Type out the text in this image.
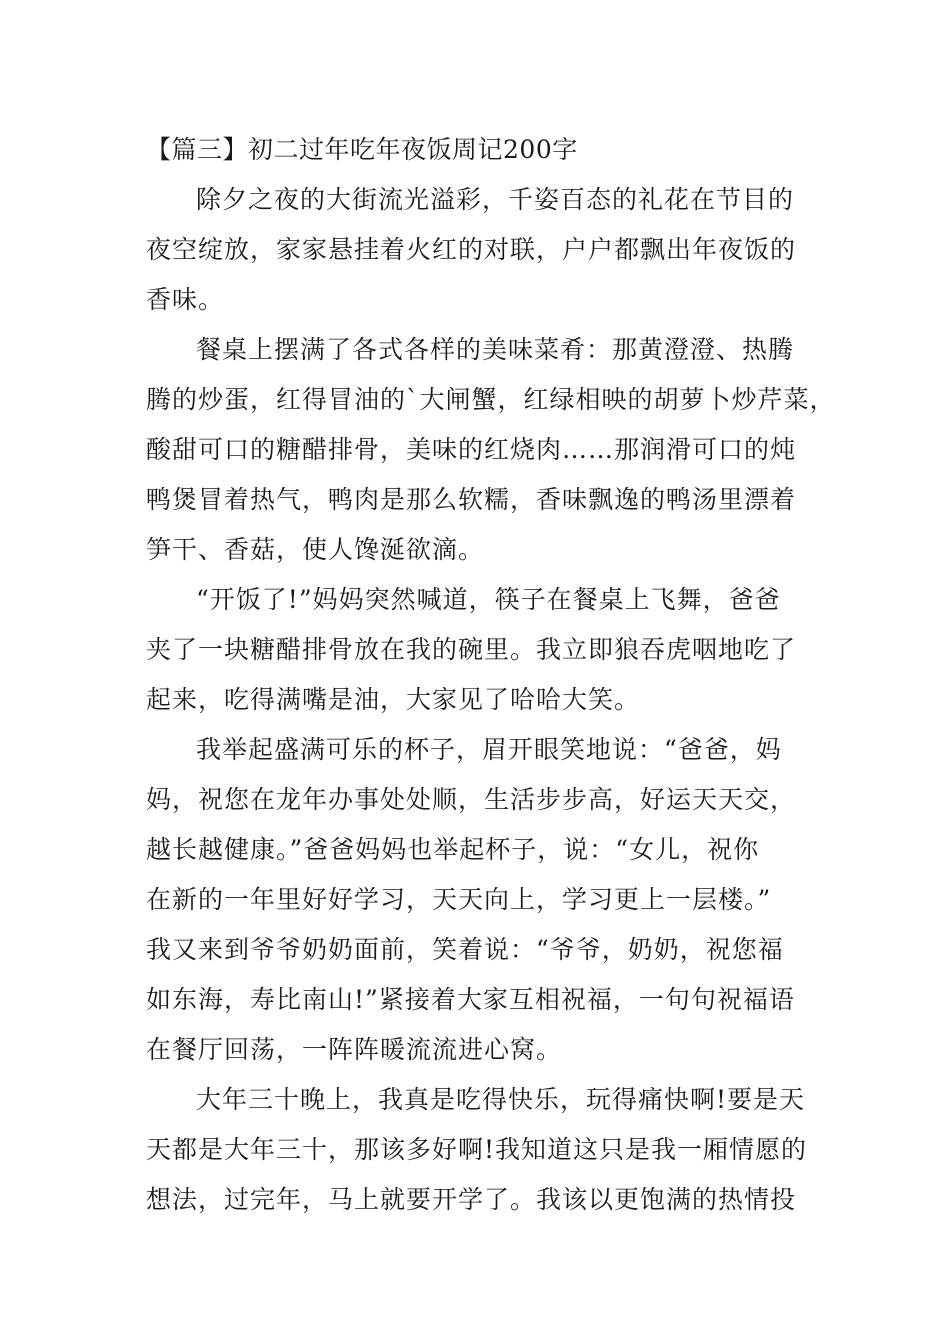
【篇三】初二过年吃年夜饭周记200字
除夕之夜的大街流光溢彩，千姿百态的礼花在节目的
夜空绽放，家家悬挂着火红的对联，户户都飘出年夜饭的
香味。
餐桌上摆满了各式各样的美味菜肴：那黄澄澄、热腾
腾的炒蛋，红得冒油的`大闸蟹，红绿相映的胡萝卜炒芹菜，
酸甜可口的糖醋排骨，美味的红烧肉……那润滑可口的炖
鸭煲冒着热气，鸭肉是那么软糯，香味飘逸的鸭汤里漂着
笋干、香菇，使人馋涎欲滴。
“开饭了!”妈妈突然喊道，筷子在餐桌上飞舞，爸爸
夹了一块糖醋排骨放在我的碗里。我立即狼吞虎咽地吃了
起来，吃得满嘴是油，大家见了哈哈大笑。
我举起盛满可乐的杯子，眉开眼笑地说：“爸爸，妈
妈，祝您在龙年办事处处顺，生活步步高，好运天天交，
越长越健康。”爸爸妈妈也举起杯子，说：“女儿，祝你
在新的一年里好好学习，天天向上，学习更上一层楼。”
我又来到爷爷奶奶面前，笑着说：“爷爷，奶奶，祝您福
如东海，寿比南山!”紧接着大家互相祝福，一句句祝福语
在餐厅回荡，一阵阵暖流流进心窝。
大年三十晚上，我真是吃得快乐，玩得痛快啊!要是天
天都是大年三十，那该多好啊!我知道这只是我一厢情愿的
想法，过完年，马上就要开学了。我该以更饱满的热情投
